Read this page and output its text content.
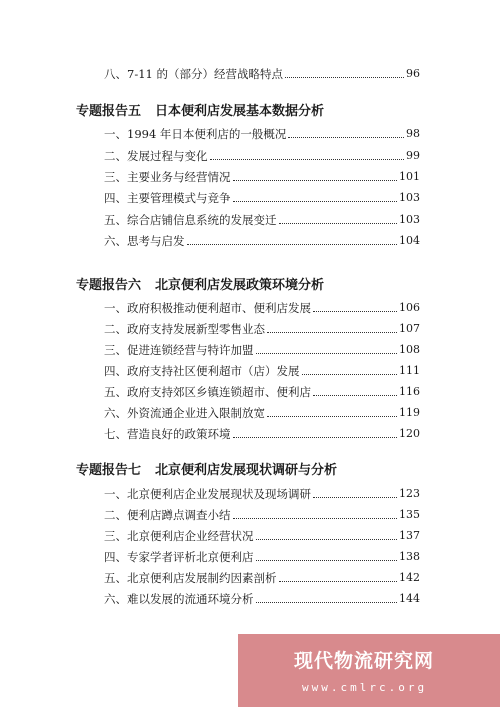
八、7-11 的（部分）经营战略特点	96
专题报告五 日本便利店发展基本数据分析
一、1994 年日本便利店的一般概况	98
二、发展过程与变化	99
三、主要业务与经营情况	101
四、主要管理模式与竞争	103
五、综合店铺信息系统的发展变迁	103
六、思考与启发	104
专题报告六 北京便利店发展政策环境分析
一、政府积极推动便利超市、便利店发展	106
二、政府支持发展新型零售业态	107
三、促进连锁经营与特许加盟	108
四、政府支持社区便利超市（店）发展	111
五、政府支持郊区乡镇连锁超市、便利店	116
六、外资流通企业进入限制放宽	119
七、营造良好的政策环境	120
专题报告七 北京便利店发展现状调研与分析
一、北京便利店企业发展现状及现场调研	123
二、便利店蹲点调查小结	135
三、北京便利店企业经营状况	137
四、专家学者评析北京便利店	138
五、北京便利店发展制约因素剖析	142
六、难以发展的流通环境分析	144
现代物流研究网
www.cmlrc.org
